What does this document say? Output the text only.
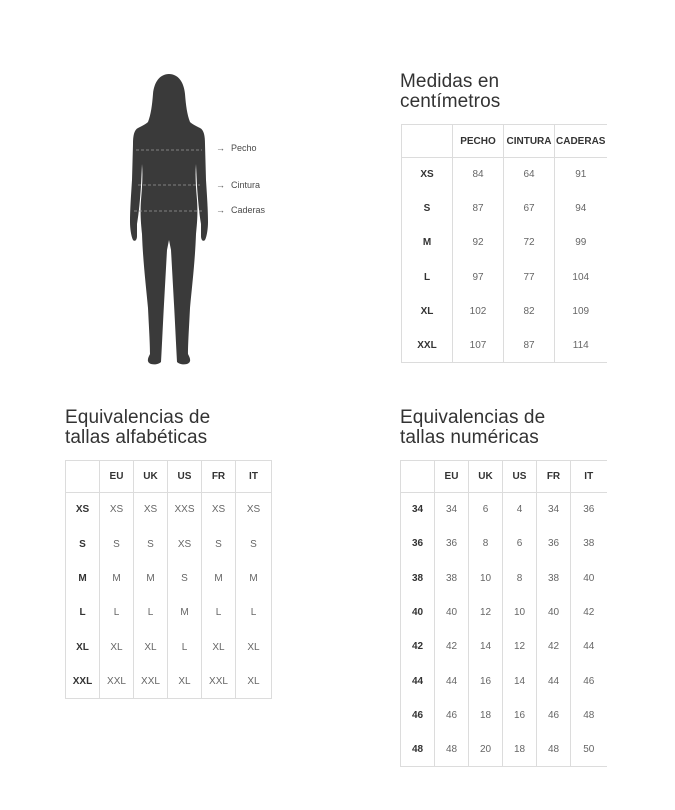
→ Pecho
→ Cintura
→ Caderas
Medidas en
centímetros
	PECHO	CINTURA	CADERAS
XS	84	64	91
S	87	67	94
M	92	72	99
L	97	77	104
XL	102	82	109
XXL	107	87	114
Equivalencias de
tallas alfabéticas
	EU	UK	US	FR	IT
XS	XS	XS	XXS	XS	XS
S	S	S	XS	S	S
M	M	M	S	M	M
L	L	L	M	L	L
XL	XL	XL	L	XL	XL
XXL	XXL	XXL	XL	XXL	XL
Equivalencias de
tallas numéricas
	EU	UK	US	FR	IT
34	34	6	4	34	36
36	36	8	6	36	38
38	38	10	8	38	40
40	40	12	10	40	42
42	42	14	12	42	44
44	44	16	14	44	46
46	46	18	16	46	48
48	48	20	18	48	50
